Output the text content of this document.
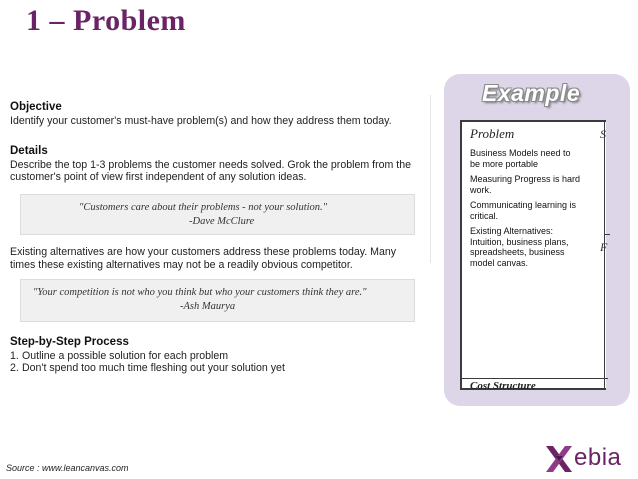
1 – Problem
Objective

Identify your customer's must-have problem(s) and how they address them today.

Details

Describe the top 1-3 problems the customer needs solved. Grok the problem from the customer's point of view first independent of any solution ideas.

"Customers care about their problems - not your solution."
-Dave McClure

Existing alternatives are how your customers address these problems today. Many times these existing alternatives may not be a readily obvious competitor.

"Your competition is not who you think but who your customers think they are."
-Ash Maurya
Step-by-Step Process
1. Outline a possible solution for each problem
2. Don't spend too much time fleshing out your solution yet
Example
S
F
Problem

Business Models need to be more portable

Measuring Progress is hard work.

Communicating learning is critical.

Existing Alternatives: Intuition, business plans, spreadsheets, business model canvas.

Cost Structure
Source : www.leancanvas.com	ebia
